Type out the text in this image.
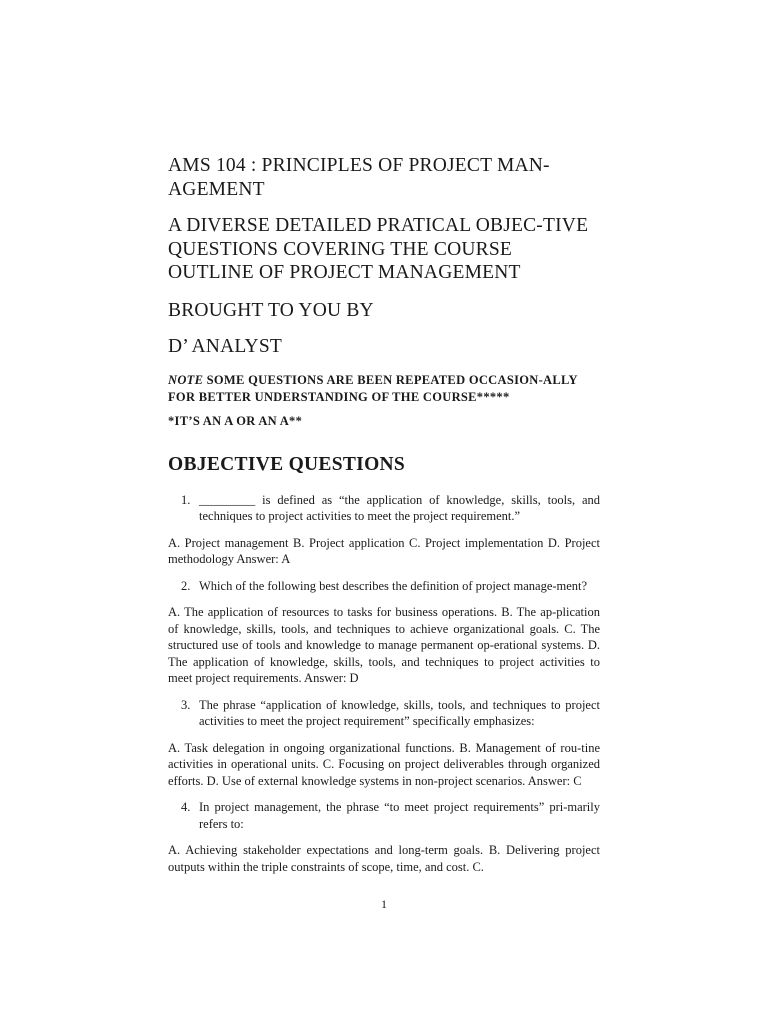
AMS 104 : PRINCIPLES OF PROJECT MAN-AGEMENT
A DIVERSE DETAILED PRATICAL OBJEC-TIVE QUESTIONS COVERING THE COURSE OUTLINE OF PROJECT MANAGEMENT
BROUGHT TO YOU BY
D’ ANALYST
NOTE SOME QUESTIONS ARE BEEN REPEATED OCCASION-ALLY FOR BETTER UNDERSTANDING OF THE COURSE*****
*IT’S AN A OR AN A**
OBJECTIVE QUESTIONS
1. _________ is defined as “the application of knowledge, skills, tools, and techniques to project activities to meet the project requirement.”
A. Project management B. Project application C. Project implementation D. Project methodology Answer: A
2. Which of the following best describes the definition of project manage-ment?
A. The application of resources to tasks for business operations. B. The ap-plication of knowledge, skills, tools, and techniques to achieve organizational goals. C. The structured use of tools and knowledge to manage permanent op-erational systems. D. The application of knowledge, skills, tools, and techniques to project activities to meet project requirements. Answer: D
3. The phrase “application of knowledge, skills, tools, and techniques to project activities to meet the project requirement” specifically emphasizes:
A. Task delegation in ongoing organizational functions. B. Management of rou-tine activities in operational units. C. Focusing on project deliverables through organized efforts. D. Use of external knowledge systems in non-project scenarios. Answer: C
4. In project management, the phrase “to meet project requirements” pri-marily refers to:
A. Achieving stakeholder expectations and long-term goals. B. Delivering project outputs within the triple constraints of scope, time, and cost. C.
1
